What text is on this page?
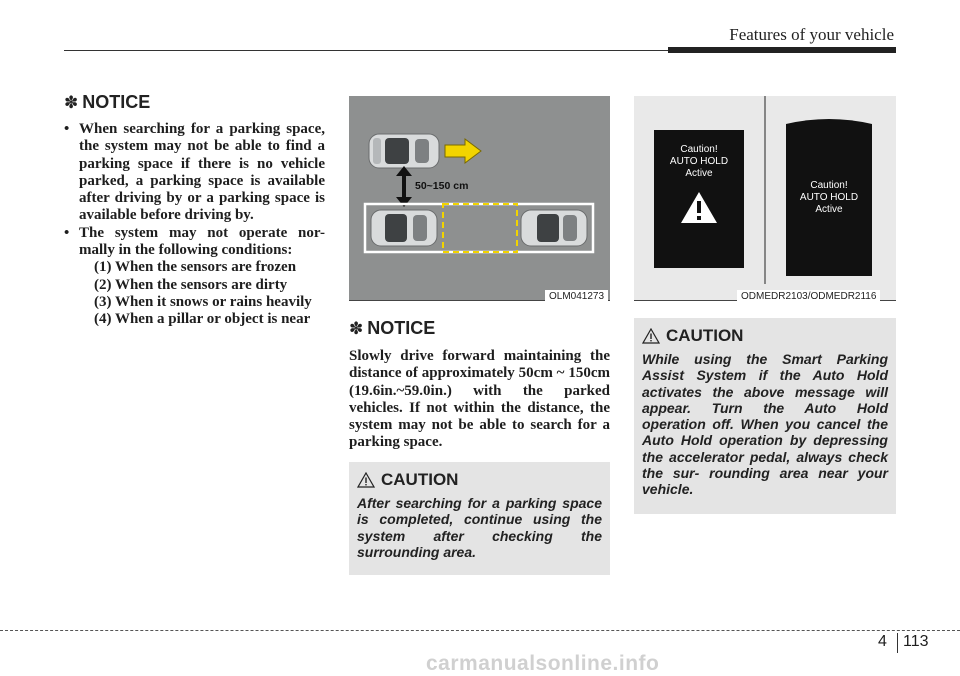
Features of your vehicle
✽ NOTICE
• When searching for a parking space, the system may not be able to find a parking space if there is no vehicle parked, a parking space is available after driving by or a parking space is available before driving by.
• The system may not operate nor- mally in the following conditions:
(1) When the sensors are frozen
(2) When the sensors are dirty
(3) When it snows or rains heavily
(4) When a pillar or object is near
50~150 cm
OLM041273
Caution!
AUTO HOLD
Active
Caution!
AUTO HOLD
Active
ODMEDR2103/ODMEDR2116
✽ NOTICE
Slowly drive forward maintaining the distance of approximately 50cm ~ 150cm (19.6in.~59.0in.) with the parked vehicles. If not within the distance, the system may not be able to search for a parking space.
CAUTION
After searching for a parking space is completed, continue using the system after checking the surrounding area.
CAUTION
While using the Smart Parking Assist System if the Auto Hold activates the above message will appear. Turn the Auto Hold operation off. When you cancel the Auto Hold operation by depressing the accelerator pedal, always check the sur- rounding area near your vehicle.
4 113
carmanualsonline.info
